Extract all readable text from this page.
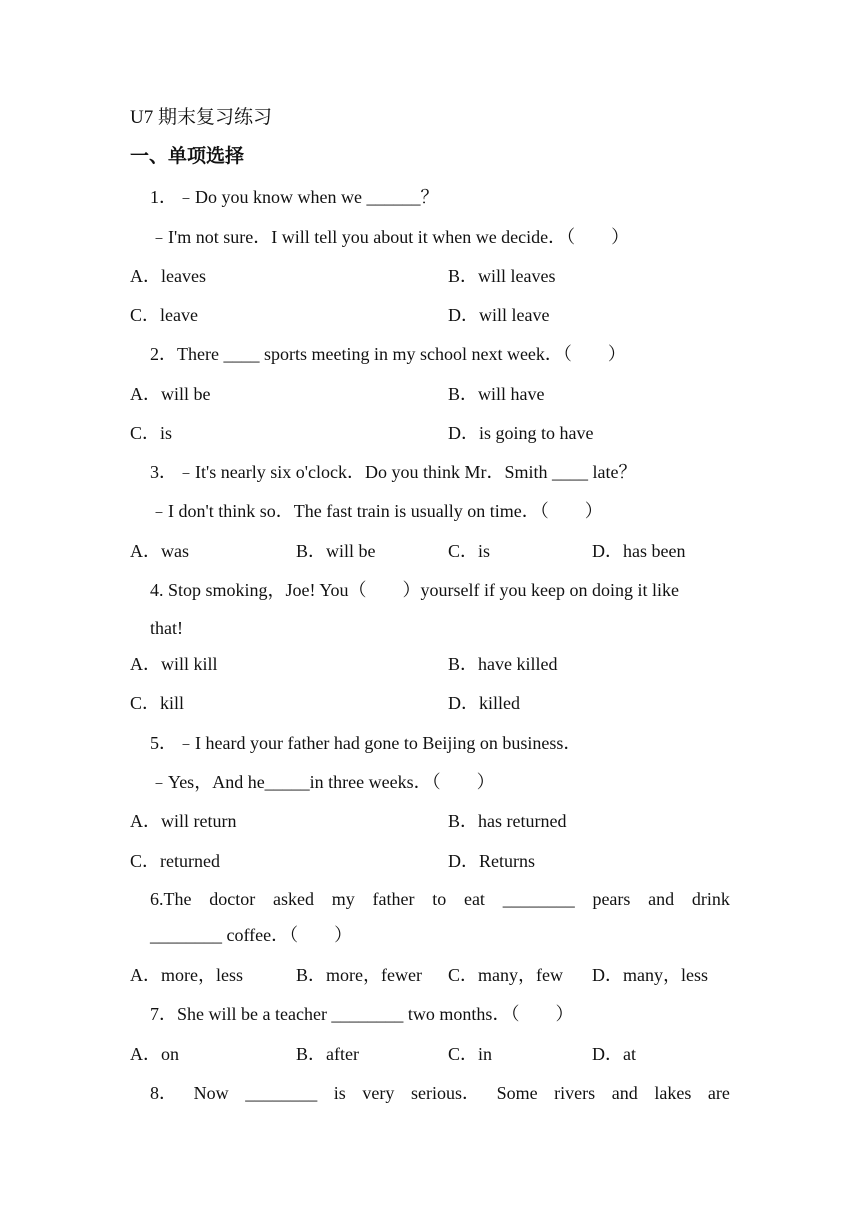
U7 期末复习练习
一、单项选择
1．﹣Do you know when we ______？
﹣I'm not sure．I will tell you about it when we decide．（　　）
A．leaves	B．will leaves
C．leave	D．will leave
2．There ____ sports meeting in my school next week．（　　）
A．will be	B．will have
C．is	D．is going to have
3．﹣It's nearly six o'clock．Do you think Mr．Smith ____ late？
﹣I don't think so．The fast train is usually on time．（　　）
A．was	B．will be	C．is	D．has been
4. Stop smoking，Joe! You（　　）yourself if you keep on doing it like
that!
A．will kill	B．have killed
C．kill	D．killed
5．﹣I heard your father had gone to Beijing on business．
﹣Yes，And he_____in three weeks．（　　）
A．will return	B．has returned
C．returned	D．Returns
6.The doctor asked my father to eat ________ pears and drink
________ coffee．（　　）
A．more，less	B．more，fewer C．many，few D．many，less
7．She will be a teacher ________ two months．（　　）
A．on	B．after	C．in	D．at
8． Now ________ is very serious． Some rivers and lakes are
